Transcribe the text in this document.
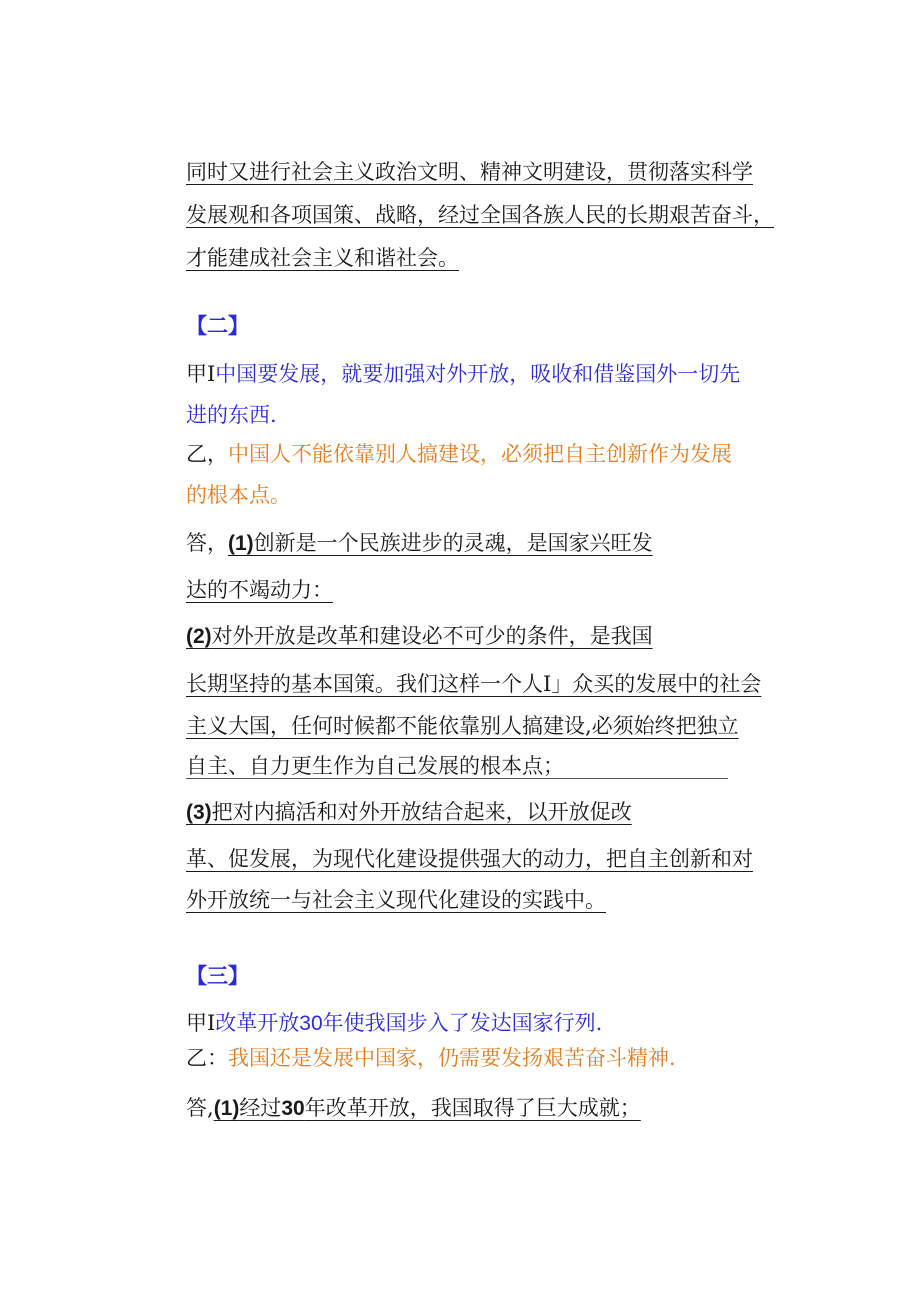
同时又进行社会主义政治文明、精神文明建设，贯彻落实科学
发展观和各项国策、战略，经过全国各族人民的长期艰苦奋斗，
才能建成社会主义和谐社会。
【二】
甲I中国要发展，就要加强对外开放，吸收和借鉴国外一切先
进的东西.
乙，中国人不能依靠别人搞建设，必须把自主创新作为发展
的根本点。
答，(1)创新是一个民族进步的灵魂，是国家兴旺发
达的不竭动力：
(2)对外开放是改革和建设必不可少的条件，是我国
长期坚持的基本国策。我们这样一个人I」众买的发展中的社会
主义大国，任何时候都不能依靠别人搞建设,必须始终把独立
自主、自力更生作为自己发展的根本点；
(3)把对内搞活和对外开放结合起来，以开放促改
革、促发展，为现代化建设提供强大的动力，把自主创新和对
外开放统一与社会主义现代化建设的实践中。
【三】
甲I改革开放30年使我国步入了发达国家行列.
乙：我国还是发展中国家，仍需要发扬艰苦奋斗精神.
答,(1)经过30年改革开放，我国取得了巨大成就；
